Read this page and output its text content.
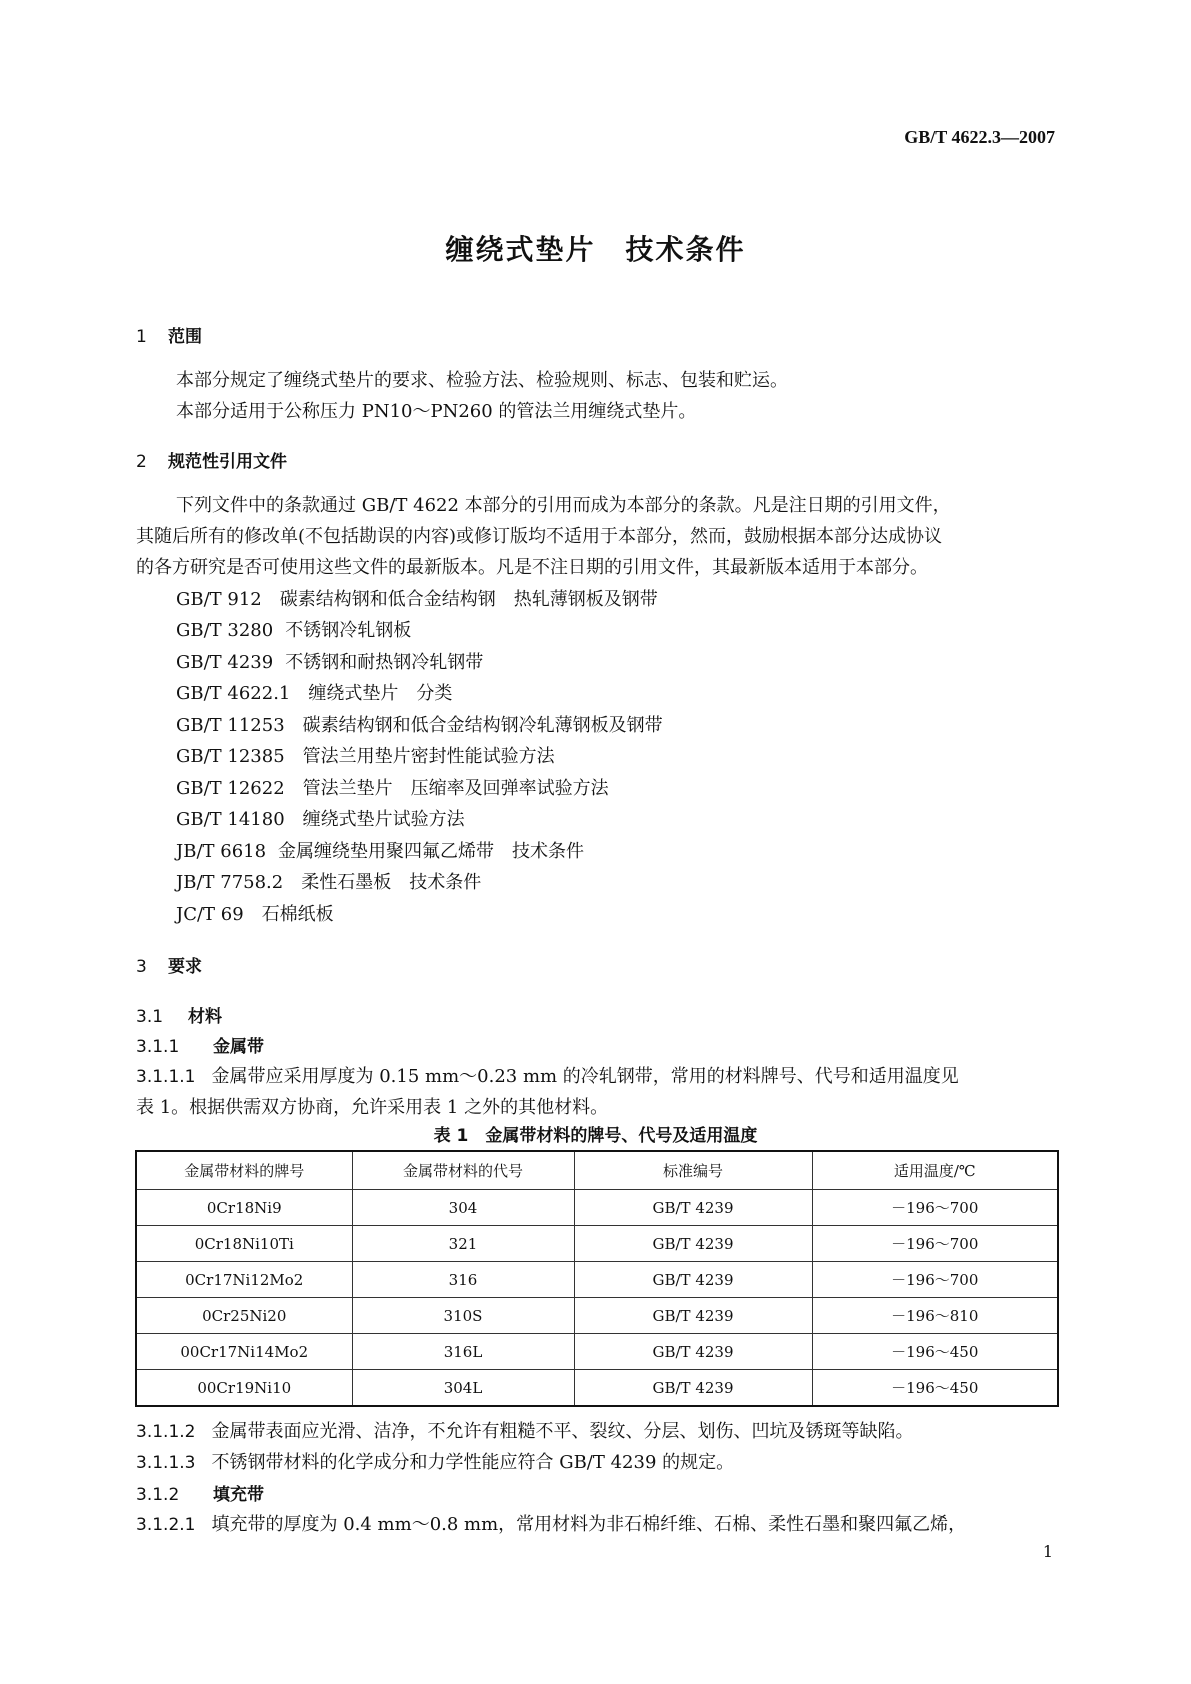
GB/T 4622.3—2007
缠绕式垫片　技术条件
1 范围
本部分规定了缠绕式垫片的要求、检验方法、检验规则、标志、包装和贮运。
本部分适用于公称压力 PN10～PN260 的管法兰用缠绕式垫片。
2 规范性引用文件
下列文件中的条款通过 GB/T 4622 本部分的引用而成为本部分的条款。凡是注日期的引用文件，
其随后所有的修改单(不包括勘误的内容)或修订版均不适用于本部分，然而，鼓励根据本部分达成协议
的各方研究是否可使用这些文件的最新版本。凡是不注日期的引用文件，其最新版本适用于本部分。
GB/T 912 碳素结构钢和低合金结构钢　热轧薄钢板及钢带
GB/T 3280 不锈钢冷轧钢板
GB/T 4239 不锈钢和耐热钢冷轧钢带
GB/T 4622.1 缠绕式垫片　分类
GB/T 11253 碳素结构钢和低合金结构钢冷轧薄钢板及钢带
GB/T 12385 管法兰用垫片密封性能试验方法
GB/T 12622 管法兰垫片　压缩率及回弹率试验方法
GB/T 14180 缠绕式垫片试验方法
JB/T 6618 金属缠绕垫用聚四氟乙烯带　技术条件
JB/T 7758.2 柔性石墨板　技术条件
JC/T 69 石棉纸板
3 要求
3.1 材料
3.1.1 金属带
3.1.1.1 金属带应采用厚度为 0.15 mm～0.23 mm 的冷轧钢带，常用的材料牌号、代号和适用温度见
表 1。根据供需双方协商，允许采用表 1 之外的其他材料。
表 1　金属带材料的牌号、代号及适用温度
金属带材料的牌号	金属带材料的代号	标准编号	适用温度/℃
0Cr18Ni9	304	GB/T 4239	－196～700
0Cr18Ni10Ti	321	GB/T 4239	－196～700
0Cr17Ni12Mo2	316	GB/T 4239	－196～700
0Cr25Ni20	310S	GB/T 4239	－196～810
00Cr17Ni14Mo2	316L	GB/T 4239	－196～450
00Cr19Ni10	304L	GB/T 4239	－196～450
3.1.1.2 金属带表面应光滑、洁净，不允许有粗糙不平、裂纹、分层、划伤、凹坑及锈斑等缺陷。
3.1.1.3 不锈钢带材料的化学成分和力学性能应符合 GB/T 4239 的规定。
3.1.2 填充带
3.1.2.1 填充带的厚度为 0.4 mm～0.8 mm，常用材料为非石棉纤维、石棉、柔性石墨和聚四氟乙烯，
1
